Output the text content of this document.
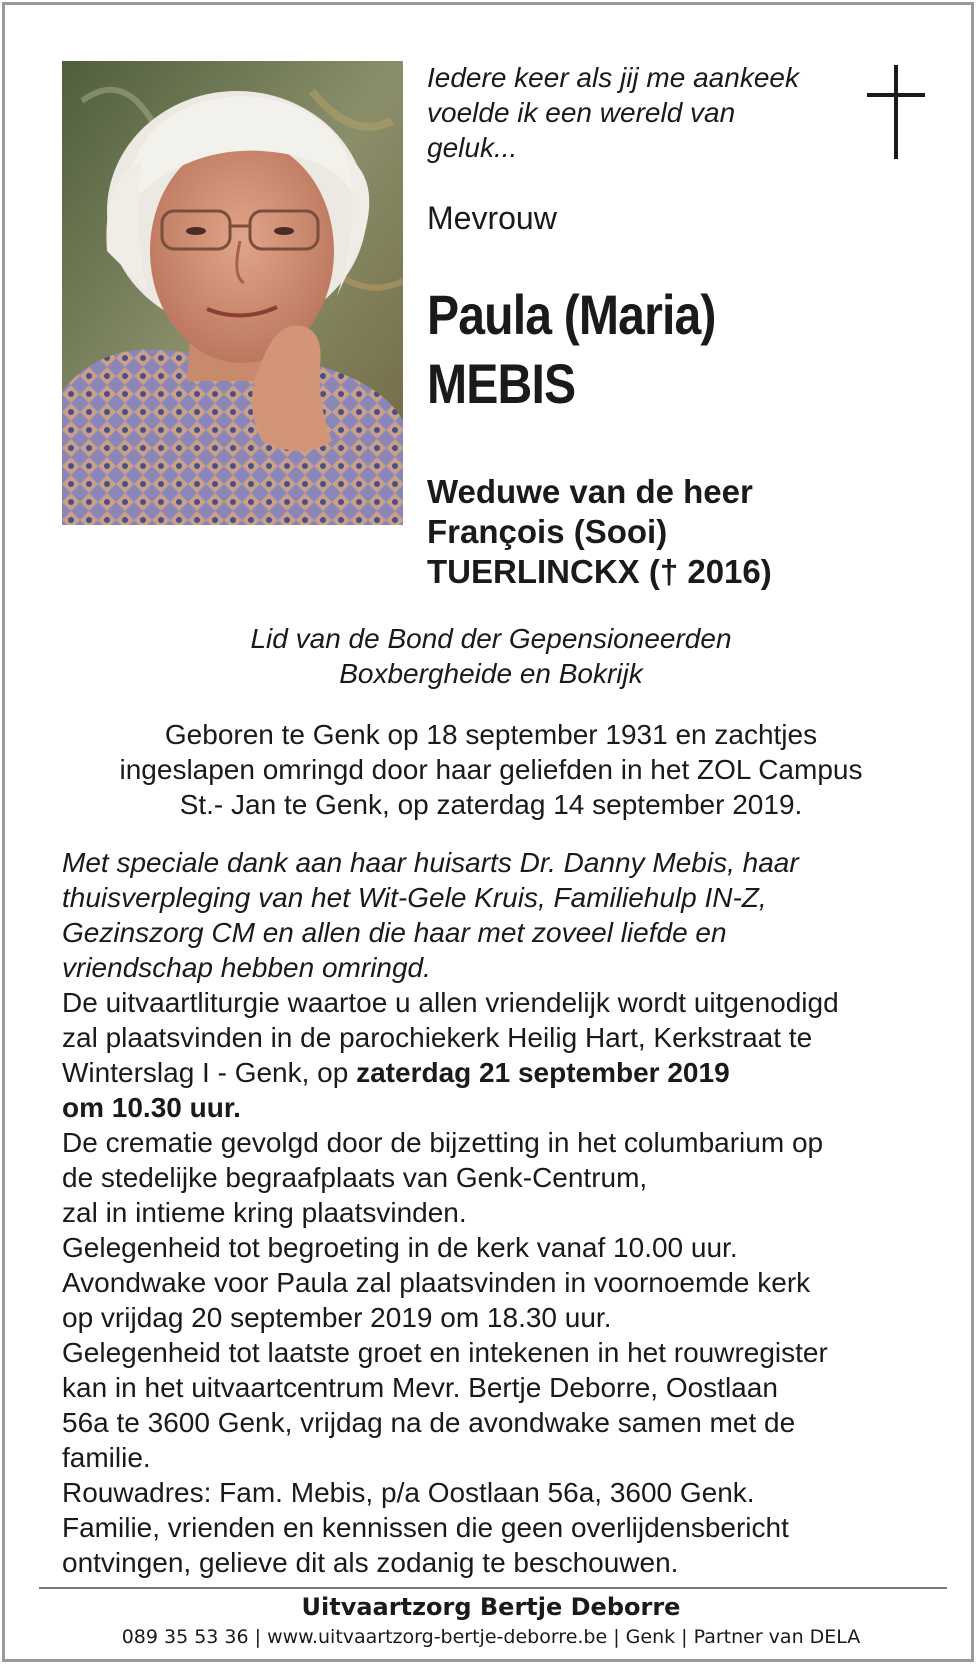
Iedere keer als jij me aankeek
voelde ik een wereld van
geluk...

Mevrouw

Paula (Maria)
MEBIS

Weduwe van de heer
François (Sooi)
TUERLINCKX († 2016)

Lid van de Bond der Gepensioneerden
Boxbergheide en Bokrijk

Geboren te Genk op 18 september 1931 en zachtjes
ingeslapen omringd door haar geliefden in het ZOL Campus
St.- Jan te Genk, op zaterdag 14 september 2019.

Met speciale dank aan haar huisarts Dr. Danny Mebis, haar
thuisverpleging van het Wit-Gele Kruis, Familiehulp IN-Z,
Gezinszorg CM en allen die haar met zoveel liefde en
vriendschap hebben omringd.
De uitvaartliturgie waartoe u allen vriendelijk wordt uitgenodigd
zal plaatsvinden in de parochiekerk Heilig Hart, Kerkstraat te
Winterslag I - Genk, op zaterdag 21 september 2019
om 10.30 uur.
De crematie gevolgd door de bijzetting in het columbarium op
de stedelijke begraafplaats van Genk-Centrum,
zal in intieme kring plaatsvinden.
Gelegenheid tot begroeting in de kerk vanaf 10.00 uur.
Avondwake voor Paula zal plaatsvinden in voornoemde kerk
op vrijdag 20 september 2019 om 18.30 uur.
Gelegenheid tot laatste groet en intekenen in het rouwregister
kan in het uitvaartcentrum Mevr. Bertje Deborre, Oostlaan
56a te 3600 Genk, vrijdag na de avondwake samen met de
familie.
Rouwadres: Fam. Mebis, p/a Oostlaan 56a, 3600 Genk.
Familie, vrienden en kennissen die geen overlijdensbericht
ontvingen, gelieve dit als zodanig te beschouwen.

Uitvaartzorg Bertje Deborre

089 35 53 36 | www.uitvaartzorg-bertje-deborre.be | Genk | Partner van DELA
